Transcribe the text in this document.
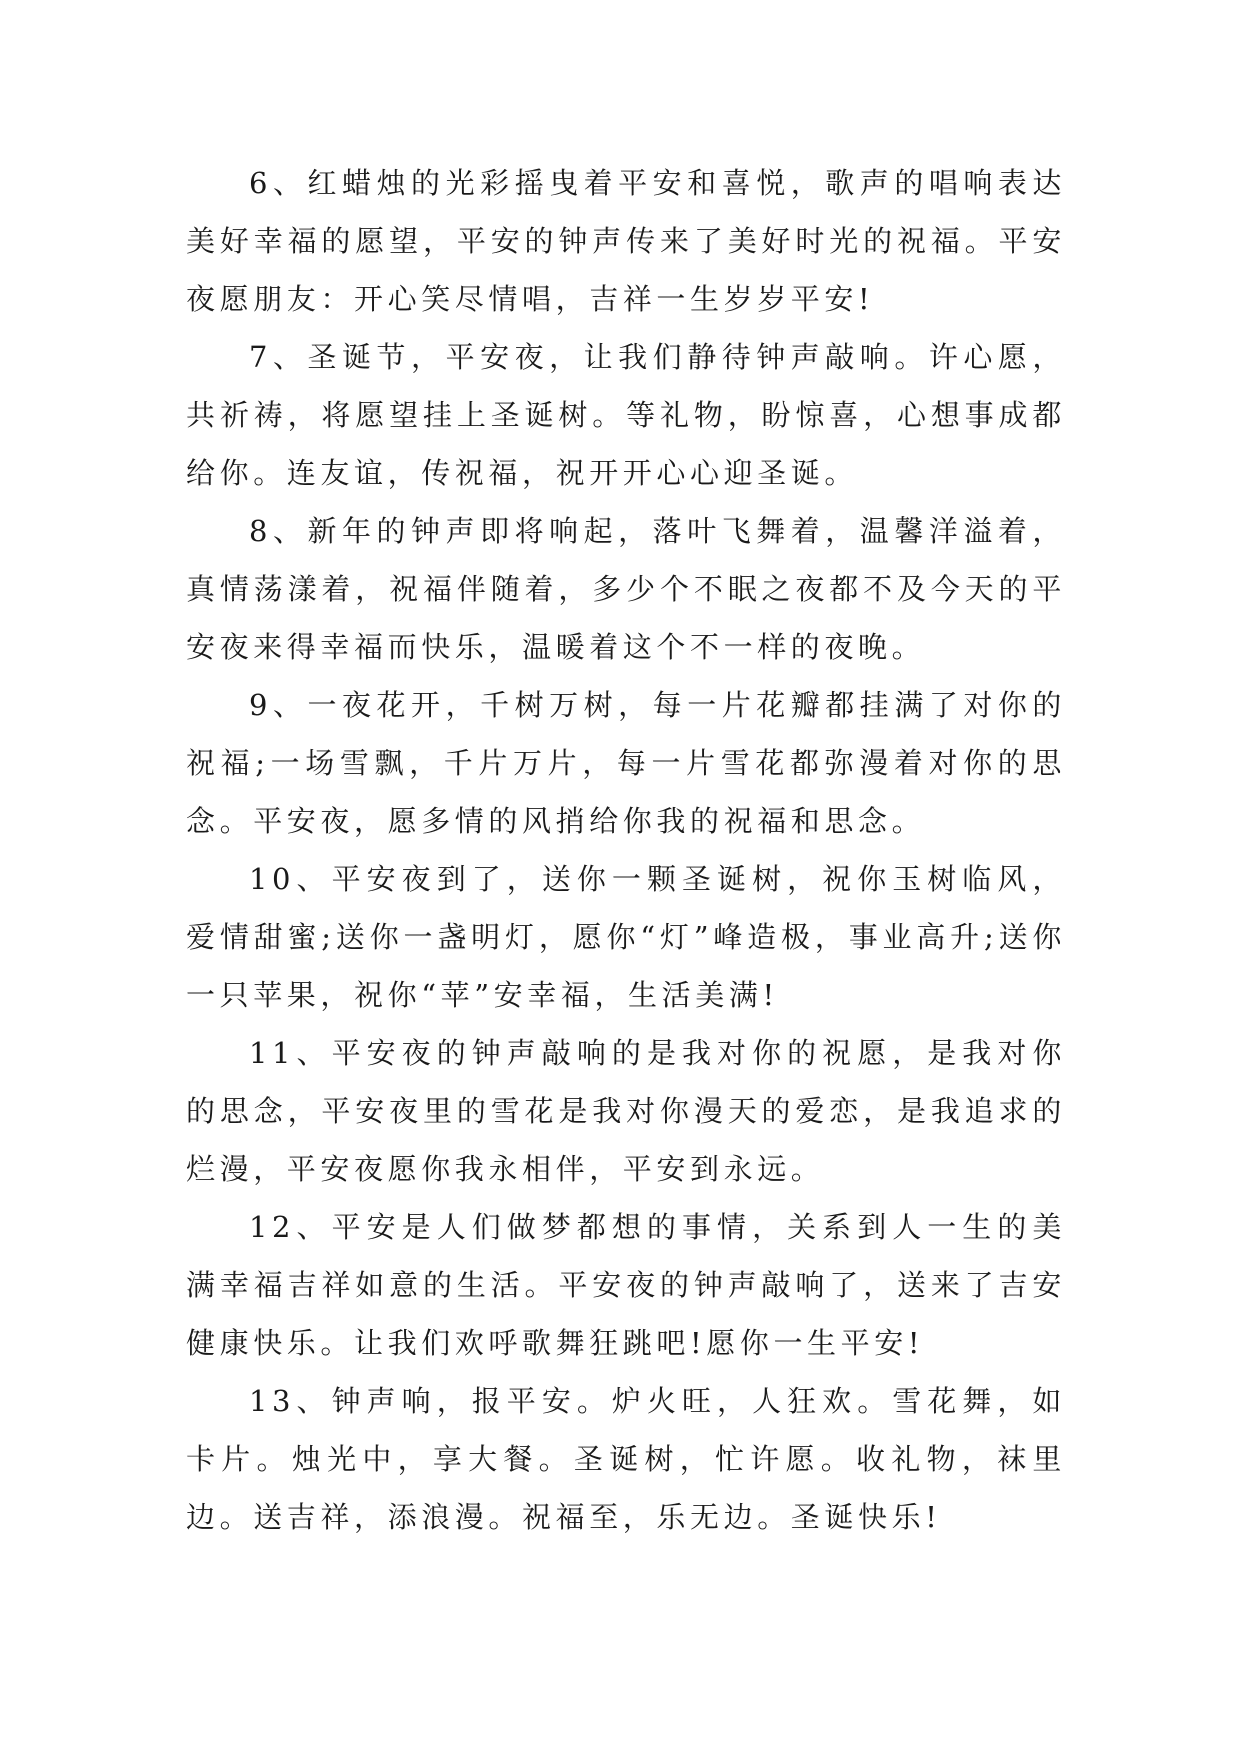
6、红蜡烛的光彩摇曳着平安和喜悦，歌声的唱响表达美好幸福的愿望，平安的钟声传来了美好时光的祝福。平安夜愿朋友：开心笑尽情唱，吉祥一生岁岁平安!

7、圣诞节，平安夜，让我们静待钟声敲响。许心愿，共祈祷，将愿望挂上圣诞树。等礼物，盼惊喜，心想事成都给你。连友谊，传祝福，祝开开心心迎圣诞。

8、新年的钟声即将响起，落叶飞舞着，温馨洋溢着，真情荡漾着，祝福伴随着，多少个不眠之夜都不及今天的平安夜来得幸福而快乐，温暖着这个不一样的夜晚。

9、一夜花开，千树万树，每一片花瓣都挂满了对你的祝福;一场雪飘，千片万片，每一片雪花都弥漫着对你的思念。平安夜，愿多情的风捎给你我的祝福和思念。

10、平安夜到了，送你一颗圣诞树，祝你玉树临风，爱情甜蜜;送你一盏明灯，愿你“灯”峰造极，事业高升;送你一只苹果，祝你“苹”安幸福，生活美满!

11、平安夜的钟声敲响的是我对你的祝愿，是我对你的思念，平安夜里的雪花是我对你漫天的爱恋，是我追求的烂漫，平安夜愿你我永相伴，平安到永远。

12、平安是人们做梦都想的事情，关系到人一生的美满幸福吉祥如意的生活。平安夜的钟声敲响了，送来了吉安健康快乐。让我们欢呼歌舞狂跳吧!愿你一生平安!

13、钟声响，报平安。炉火旺，人狂欢。雪花舞，如卡片。烛光中，享大餐。圣诞树，忙许愿。收礼物，袜里边。送吉祥，添浪漫。祝福至，乐无边。圣诞快乐!
